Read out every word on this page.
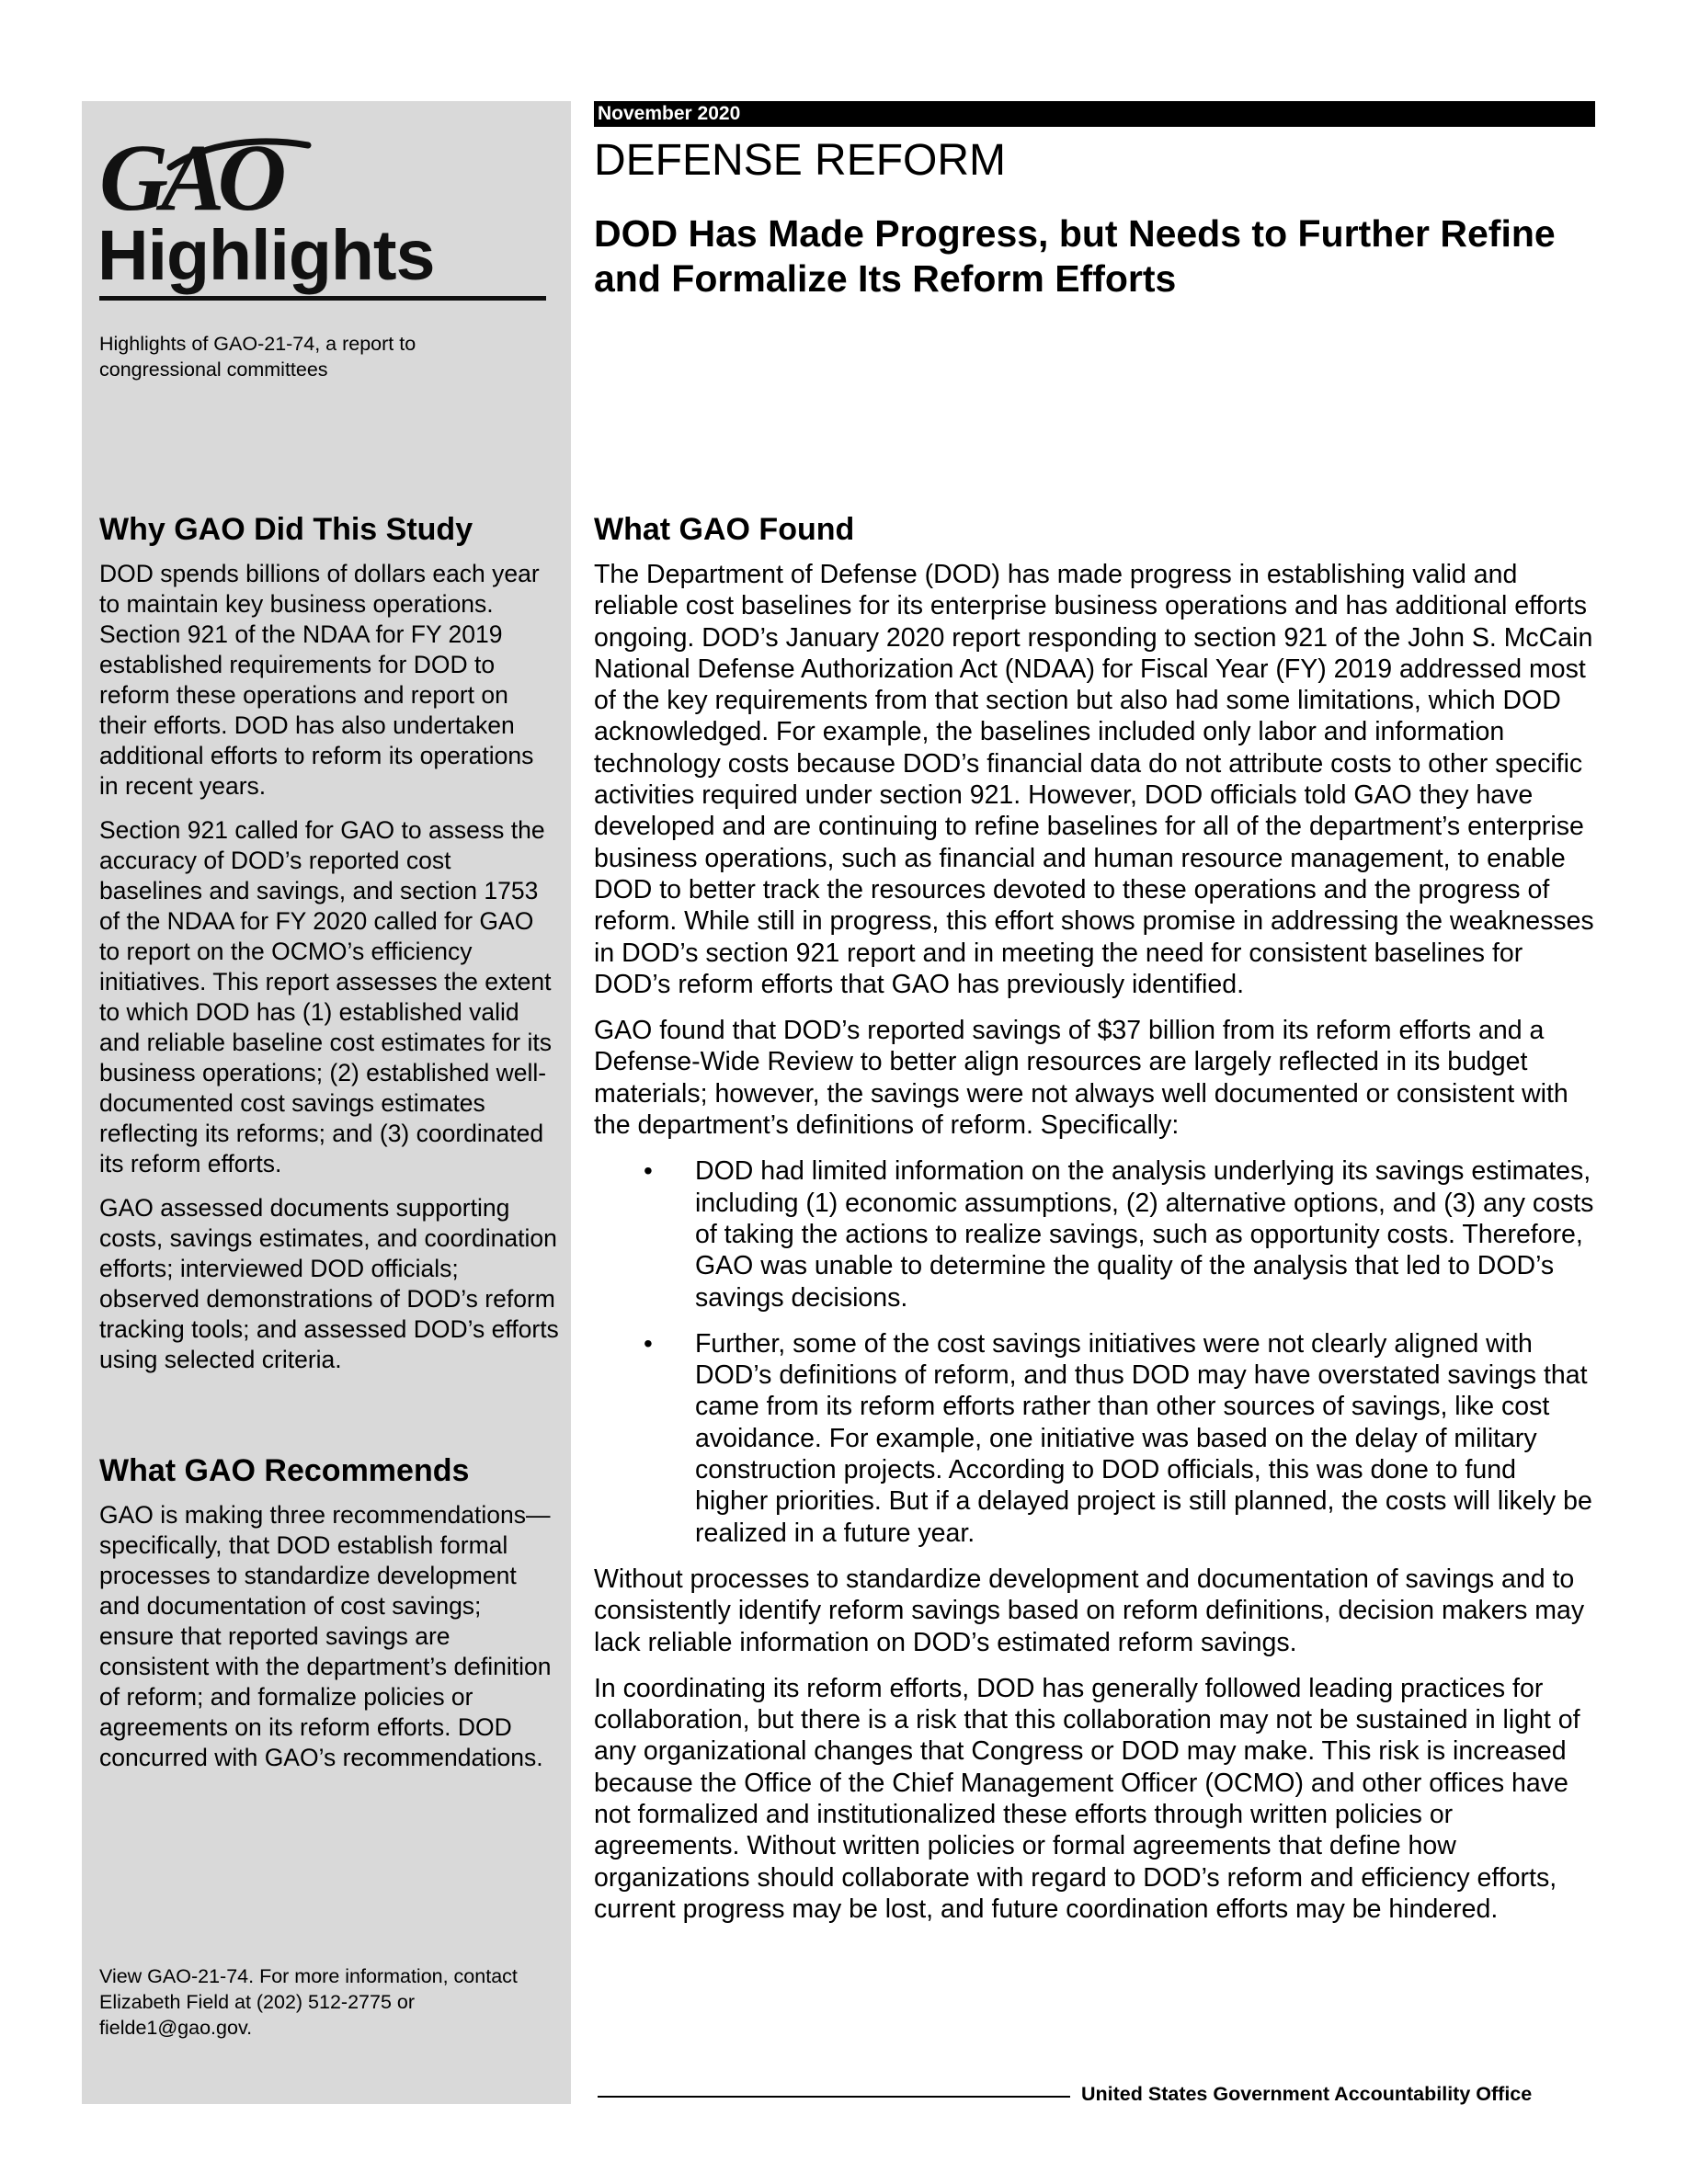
GAO
Highlights
Highlights of GAO-21-74, a report to congressional committees
Why GAO Did This Study

DOD spends billions of dollars each year to maintain key business operations. Section 921 of the NDAA for FY 2019 established requirements for DOD to reform these operations and report on their efforts. DOD has also undertaken additional efforts to reform its operations in recent years.

Section 921 called for GAO to assess the accuracy of DOD’s reported cost baselines and savings, and section 1753 of the NDAA for FY 2020 called for GAO to report on the OCMO’s efficiency initiatives. This report assesses the extent to which DOD has (1) established valid and reliable baseline cost estimates for its business operations; (2) established well-documented cost savings estimates reflecting its reforms; and (3) coordinated its reform efforts.

GAO assessed documents supporting costs, savings estimates, and coordination efforts; interviewed DOD officials; observed demonstrations of DOD’s reform tracking tools; and assessed DOD’s efforts using selected criteria.

What GAO Recommends

GAO is making three recommendations—specifically, that DOD establish formal processes to standardize development and documentation of cost savings; ensure that reported savings are consistent with the department’s definition of reform; and formalize policies or agreements on its reform efforts. DOD concurred with GAO’s recommendations.

View GAO-21-74. For more information, contact Elizabeth Field at (202) 512-2775 or fielde1@gao.gov.
November 2020
DEFENSE REFORM
DOD Has Made Progress, but Needs to Further Refine and Formalize Its Reform Efforts
What GAO Found

The Department of Defense (DOD) has made progress in establishing valid and reliable cost baselines for its enterprise business operations and has additional efforts ongoing. DOD’s January 2020 report responding to section 921 of the John S. McCain National Defense Authorization Act (NDAA) for Fiscal Year (FY) 2019 addressed most of the key requirements from that section but also had some limitations, which DOD acknowledged. For example, the baselines included only labor and information technology costs because DOD’s financial data do not attribute costs to other specific activities required under section 921. However, DOD officials told GAO they have developed and are continuing to refine baselines for all of the department’s enterprise business operations, such as financial and human resource management, to enable DOD to better track the resources devoted to these operations and the progress of reform. While still in progress, this effort shows promise in addressing the weaknesses in DOD’s section 921 report and in meeting the need for consistent baselines for DOD’s reform efforts that GAO has previously identified.

GAO found that DOD’s reported savings of $37 billion from its reform efforts and a Defense-Wide Review to better align resources are largely reflected in its budget materials; however, the savings were not always well documented or consistent with the department’s definitions of reform. Specifically:

• DOD had limited information on the analysis underlying its savings estimates, including (1) economic assumptions, (2) alternative options, and (3) any costs of taking the actions to realize savings, such as opportunity costs. Therefore, GAO was unable to determine the quality of the analysis that led to DOD’s savings decisions.
• Further, some of the cost savings initiatives were not clearly aligned with DOD’s definitions of reform, and thus DOD may have overstated savings that came from its reform efforts rather than other sources of savings, like cost avoidance. For example, one initiative was based on the delay of military construction projects. According to DOD officials, this was done to fund higher priorities. But if a delayed project is still planned, the costs will likely be realized in a future year.

Without processes to standardize development and documentation of savings and to consistently identify reform savings based on reform definitions, decision makers may lack reliable information on DOD’s estimated reform savings.

In coordinating its reform efforts, DOD has generally followed leading practices for collaboration, but there is a risk that this collaboration may not be sustained in light of any organizational changes that Congress or DOD may make. This risk is increased because the Office of the Chief Management Officer (OCMO) and other offices have not formalized and institutionalized these efforts through written policies or agreements. Without written policies or formal agreements that define how organizations should collaborate with regard to DOD’s reform and efficiency efforts, current progress may be lost, and future coordination efforts may be hindered.

United States Government Accountability Office
